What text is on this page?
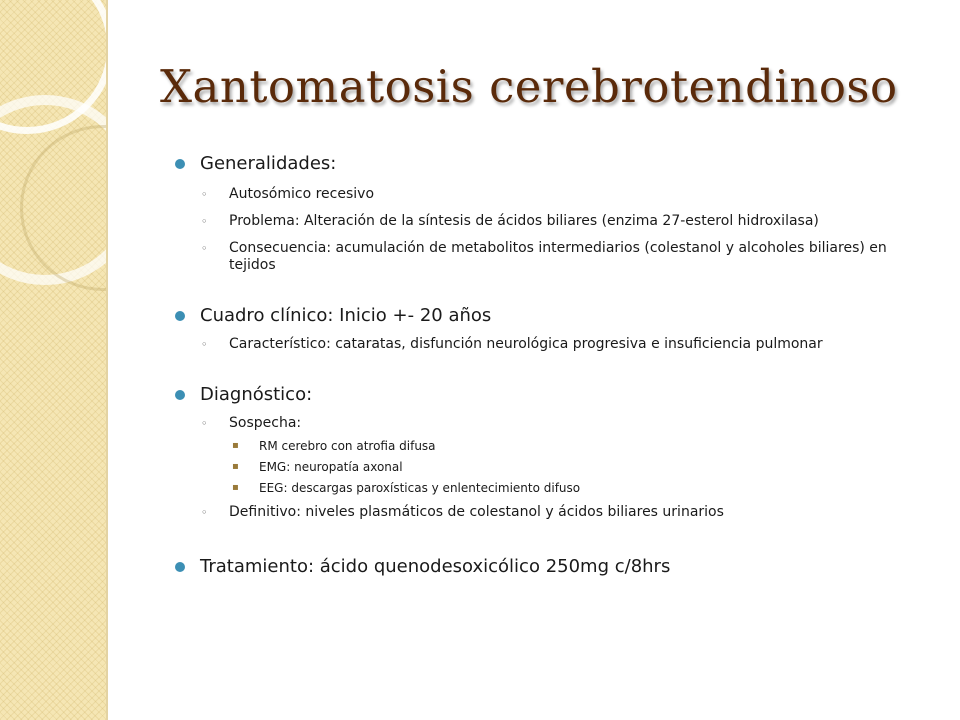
Xantomatosis cerebrotendinoso
Generalidades:
◦ Autosómico recesivo
◦ Problema: Alteración de la síntesis de ácidos biliares (enzima 27-esterol hidroxilasa)
◦ Consecuencia: acumulación de metabolitos intermediarios (colestanol y alcoholes biliares) en tejidos
Cuadro clínico: Inicio +- 20 años
◦ Característico: cataratas, disfunción neurológica progresiva e insuficiencia pulmonar
Diagnóstico:
◦ Sospecha:
▪ RM cerebro con atrofia difusa
▪ EMG: neuropatía axonal
▪ EEG: descargas paroxísticas y enlentecimiento difuso
◦ Definitivo: niveles plasmáticos de colestanol y ácidos biliares urinarios
Tratamiento: ácido quenodesoxicólico 250mg c/8hrs
